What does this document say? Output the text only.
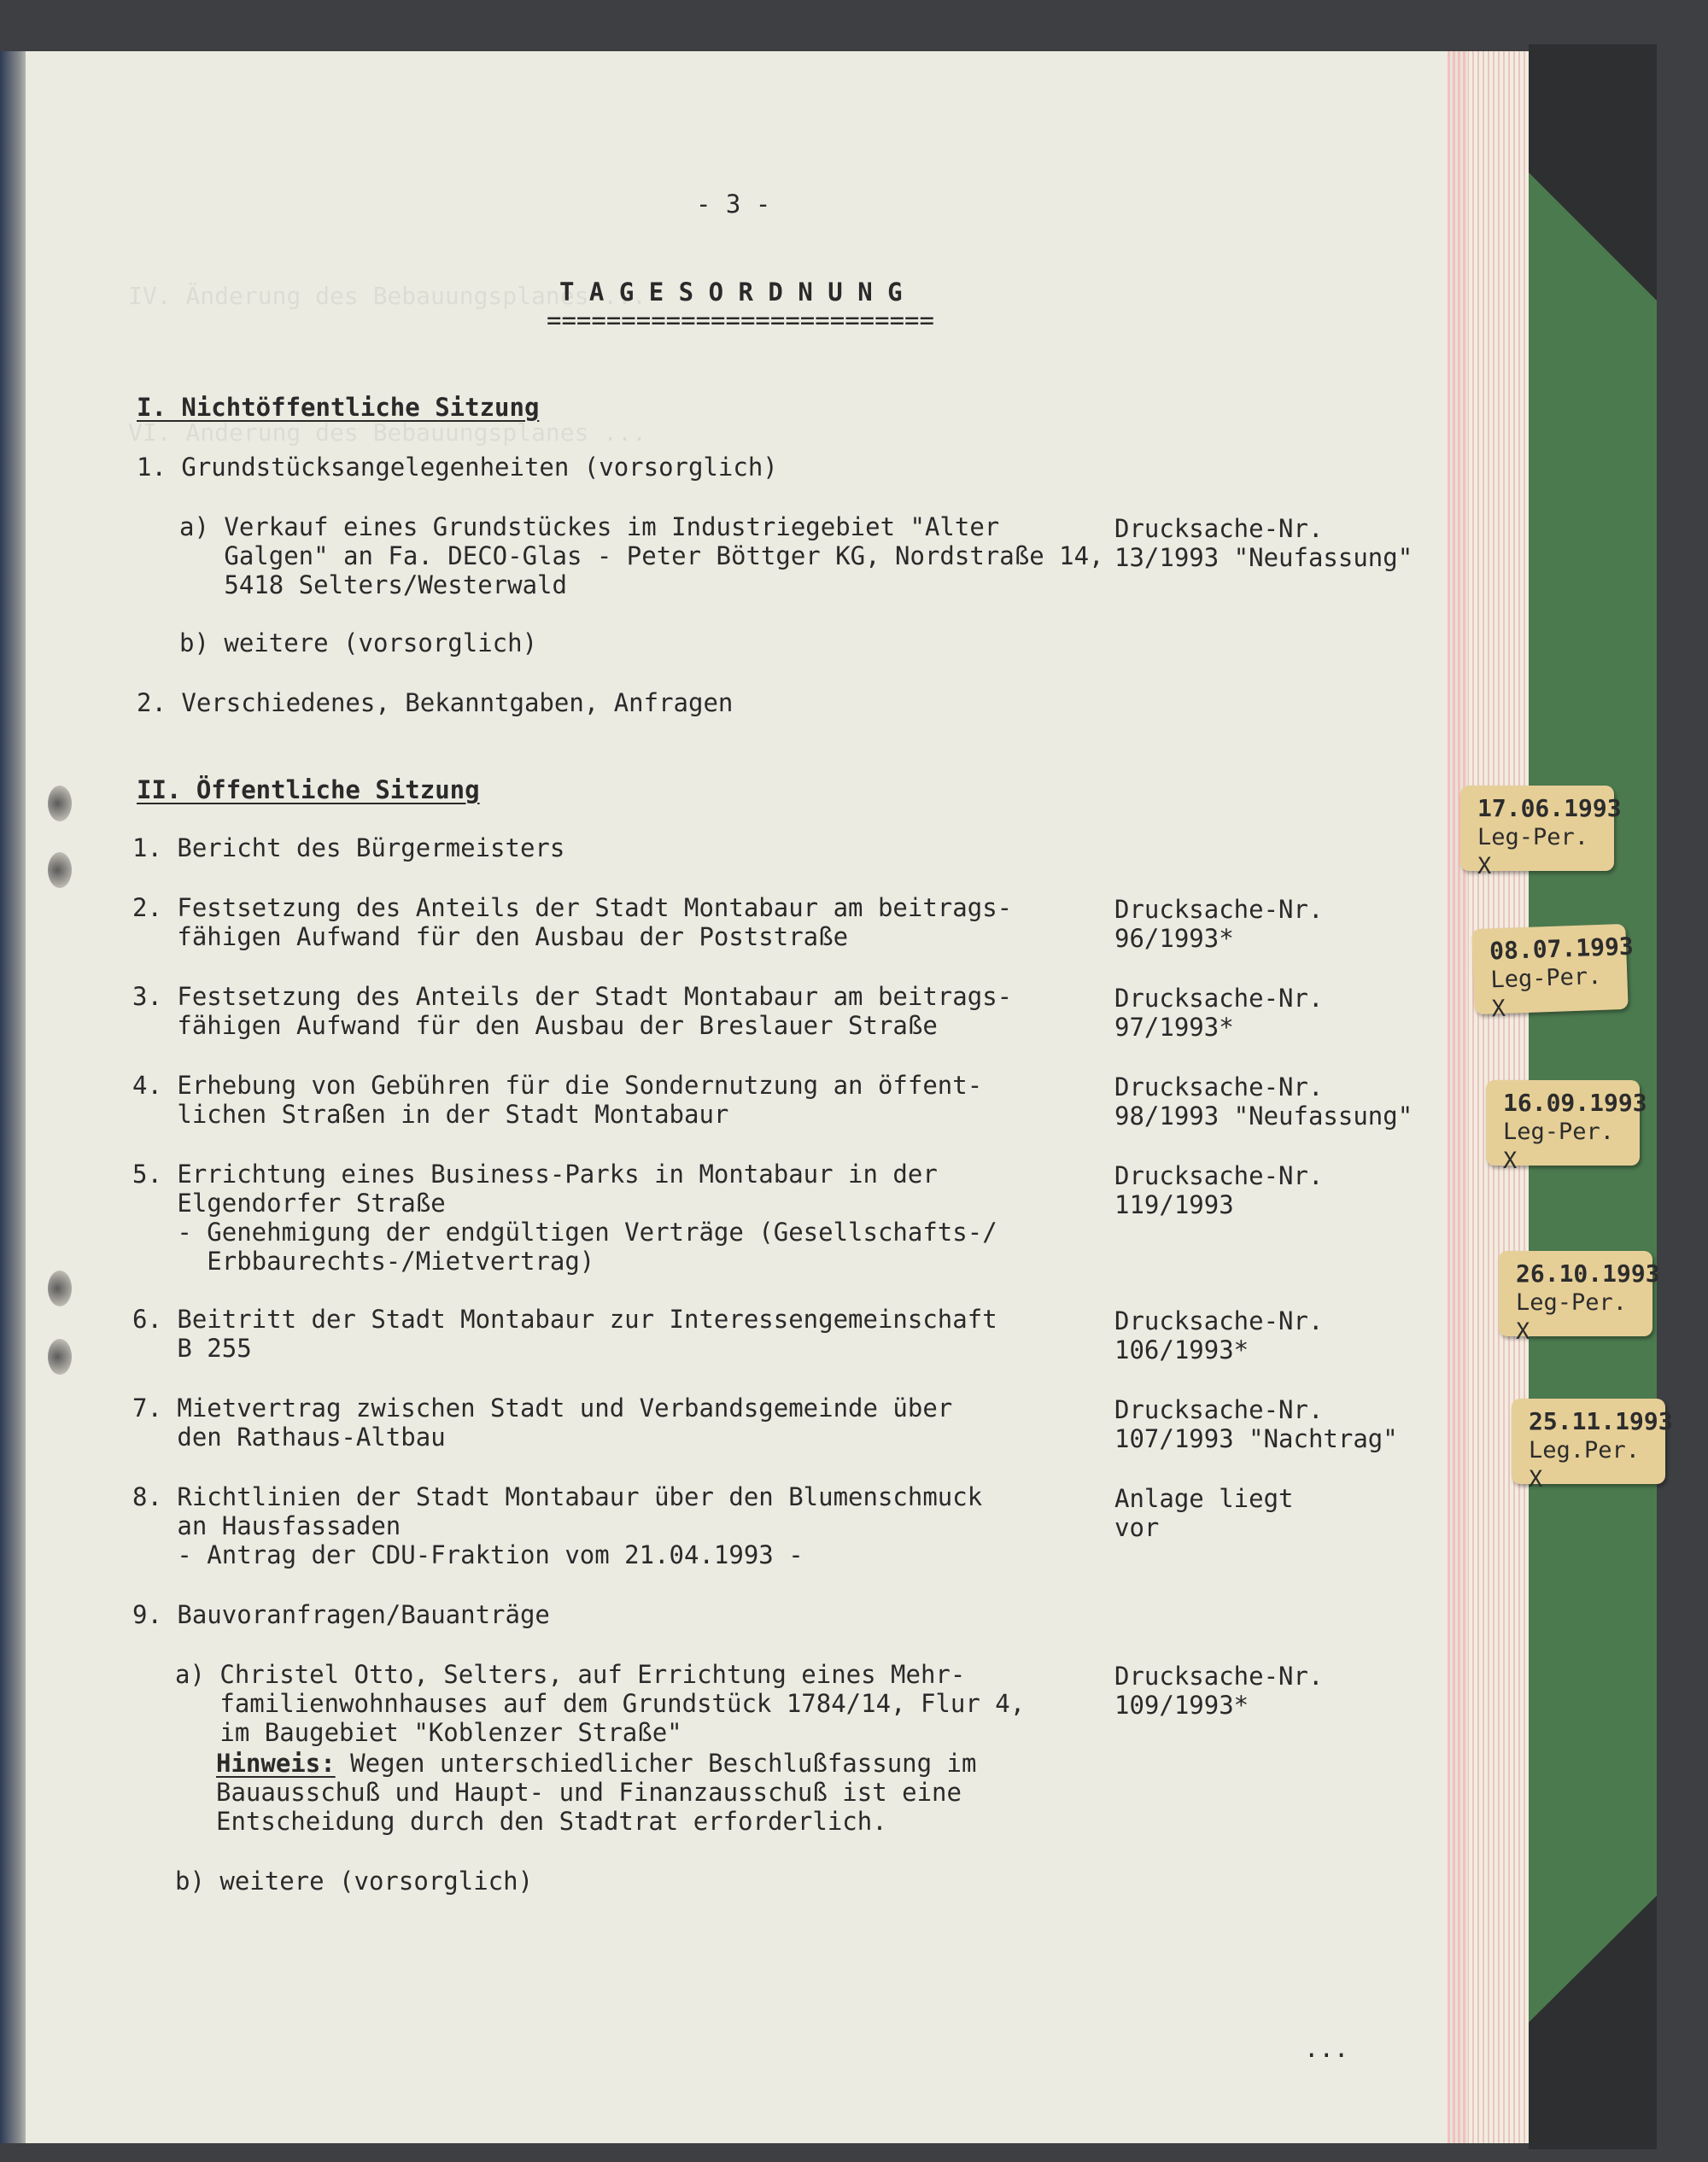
IV. Änderung des Bebauungsplanes ...
VI. Änderung des Bebauungsplanes ...
- 3 -
T A G E S O R D N U N G
==========================
I. Nichtöffentliche Sitzung
1. Grundstücksangelegenheiten (vorsorglich)
a) Verkauf eines Grundstückes im Industriegebiet "Alter
Galgen" an Fa. DECO-Glas - Peter Böttger KG, Nordstraße 14,
5418 Selters/Westerwald
Drucksache-Nr.
13/1993 "Neufassung"
b) weitere (vorsorglich)
2. Verschiedenes, Bekanntgaben, Anfragen
II. Öffentliche Sitzung
1. Bericht des Bürgermeisters
2. Festsetzung des Anteils der Stadt Montabaur am beitrags-
fähigen Aufwand für den Ausbau der Poststraße
Drucksache-Nr.
96/1993*
3. Festsetzung des Anteils der Stadt Montabaur am beitrags-
fähigen Aufwand für den Ausbau der Breslauer Straße
Drucksache-Nr.
97/1993*
4. Erhebung von Gebühren für die Sondernutzung an öffent-
lichen Straßen in der Stadt Montabaur
Drucksache-Nr.
98/1993 "Neufassung"
5. Errichtung eines Business-Parks in Montabaur in der
Elgendorfer Straße
- Genehmigung der endgültigen Verträge (Gesellschafts-/
Erbbaurechts-/Mietvertrag)
Drucksache-Nr.
119/1993
6. Beitritt der Stadt Montabaur zur Interessengemeinschaft
B 255
Drucksache-Nr.
106/1993*
7. Mietvertrag zwischen Stadt und Verbandsgemeinde über
den Rathaus-Altbau
Drucksache-Nr.
107/1993 "Nachtrag"
8. Richtlinien der Stadt Montabaur über den Blumenschmuck
an Hausfassaden
- Antrag der CDU-Fraktion vom 21.04.1993 -
Anlage liegt
vor
9. Bauvoranfragen/Bauanträge
a) Christel Otto, Selters, auf Errichtung eines Mehr-
familienwohnhauses auf dem Grundstück 1784/14, Flur 4,
im Baugebiet "Koblenzer Straße"
Drucksache-Nr.
109/1993*
Hinweis: Wegen unterschiedlicher Beschlußfassung im
Bauausschuß und Haupt- und Finanzausschuß ist eine
Entscheidung durch den Stadtrat erforderlich.
b) weitere (vorsorglich)
...
17.06.1993
Leg-Per. X
08.07.1993
Leg-Per. X
16.09.1993
Leg-Per. X
26.10.1993
Leg-Per. X
25.11.1993
Leg.Per. X
